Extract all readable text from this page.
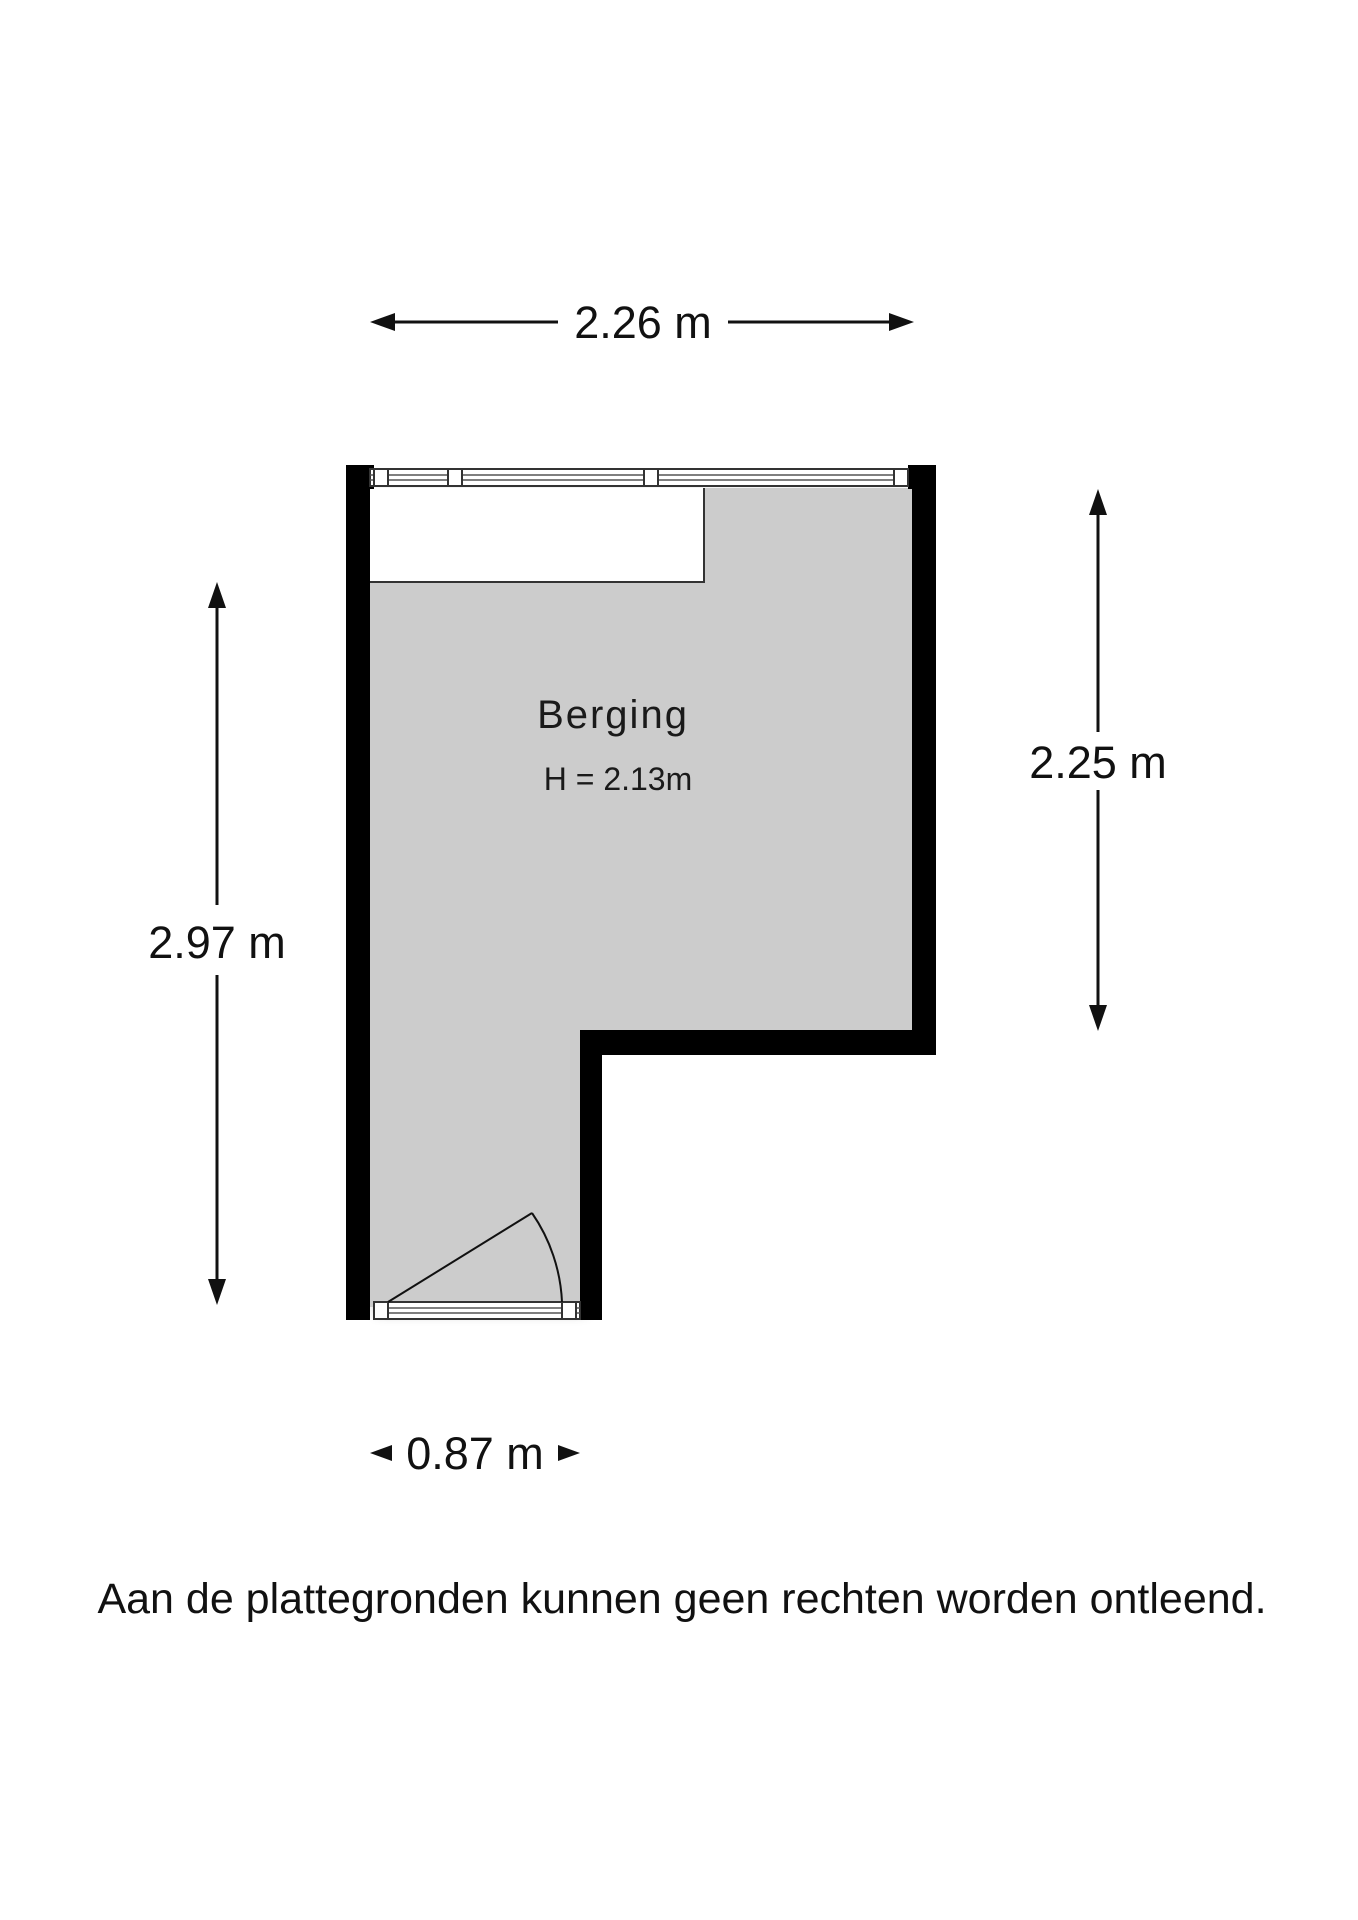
Berging
H = 2.13m
2.26 m
2.97 m
2.25 m
0.87 m
Aan de plattegronden kunnen geen rechten worden ontleend.
